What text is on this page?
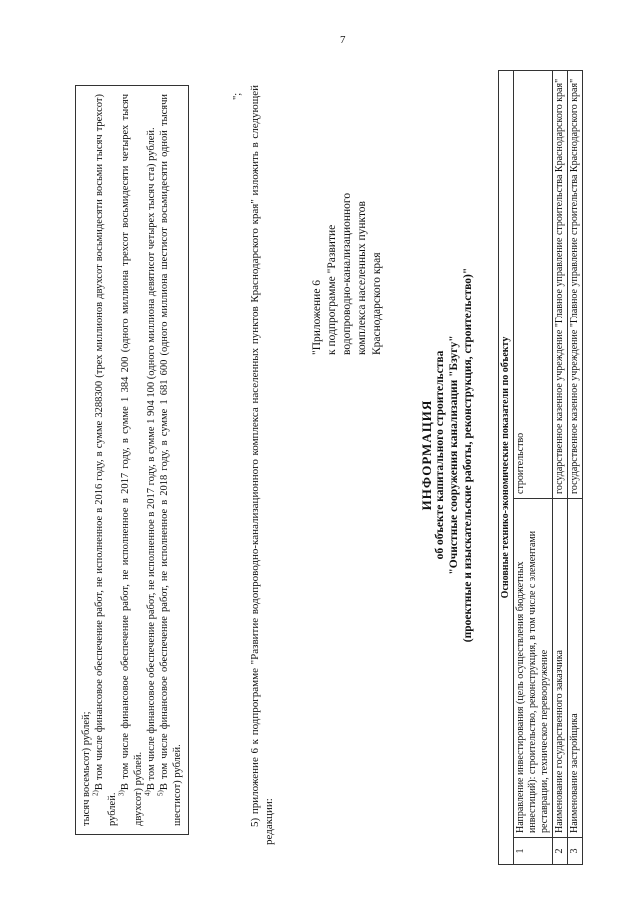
7

тысяч восемьсот) рублей; $^{2)}$В том числе финансовое обеспечение работ, не исполненное в 2016 году, в сумме 3288300 (трех миллионов двухсот восьмидесяти восьми тысяч трехсот) рублей. $^{3)}$В том числе финансовое обеспечение работ, не исполненное в 2017 году, в сумме 1 384 200 (одного миллиона трехсот восьмидесяти четырех тысяч двухсот) рублей. $^{4)}$В том числе финансовое обеспечение работ, не исполненное в 2017 году, в сумме 1 904 100 (одного миллиона девятисот четырех тысяч ста) рублей.

$^{5)}$В том числе финансовое обеспечение работ, не исполненное в 2018 году, в сумме 1 681 600 (одного миллиона шестисот восьмидесяти одной тысячи шестисот) рублей.

"; 5) приложение 6 к подпрограмме "Развитие водопроводно-канализационного комплекса населенных пунктов Краснодарского края" изложить в следующей редакции:

"Приложение 6 к подпрограмме "Развитие водопроводно-канализационного комплекса населенных пунктов Краснодарского края
ИНФОРМАЦИЯ об объекте капитального строительства "Очистные сооружения канализации "Бзугу" (проектные и изыскательские работы, реконструкция, строительство)"	Основные технико-экономические показатели по объекту		
1	Направление инвестирования (цель осуществления бюджетных инвестиций): строительство, реконструкция, в том числе с элементами реставрации, техническое перевооружение	строительство
2	Наименование государственного заказчика	государственное казенное учреждение "Главное управление строительства Краснодарского края"
3	Наименование застройщика	государственное казенное учреждение "Главное управление строительства Краснодарского края"
